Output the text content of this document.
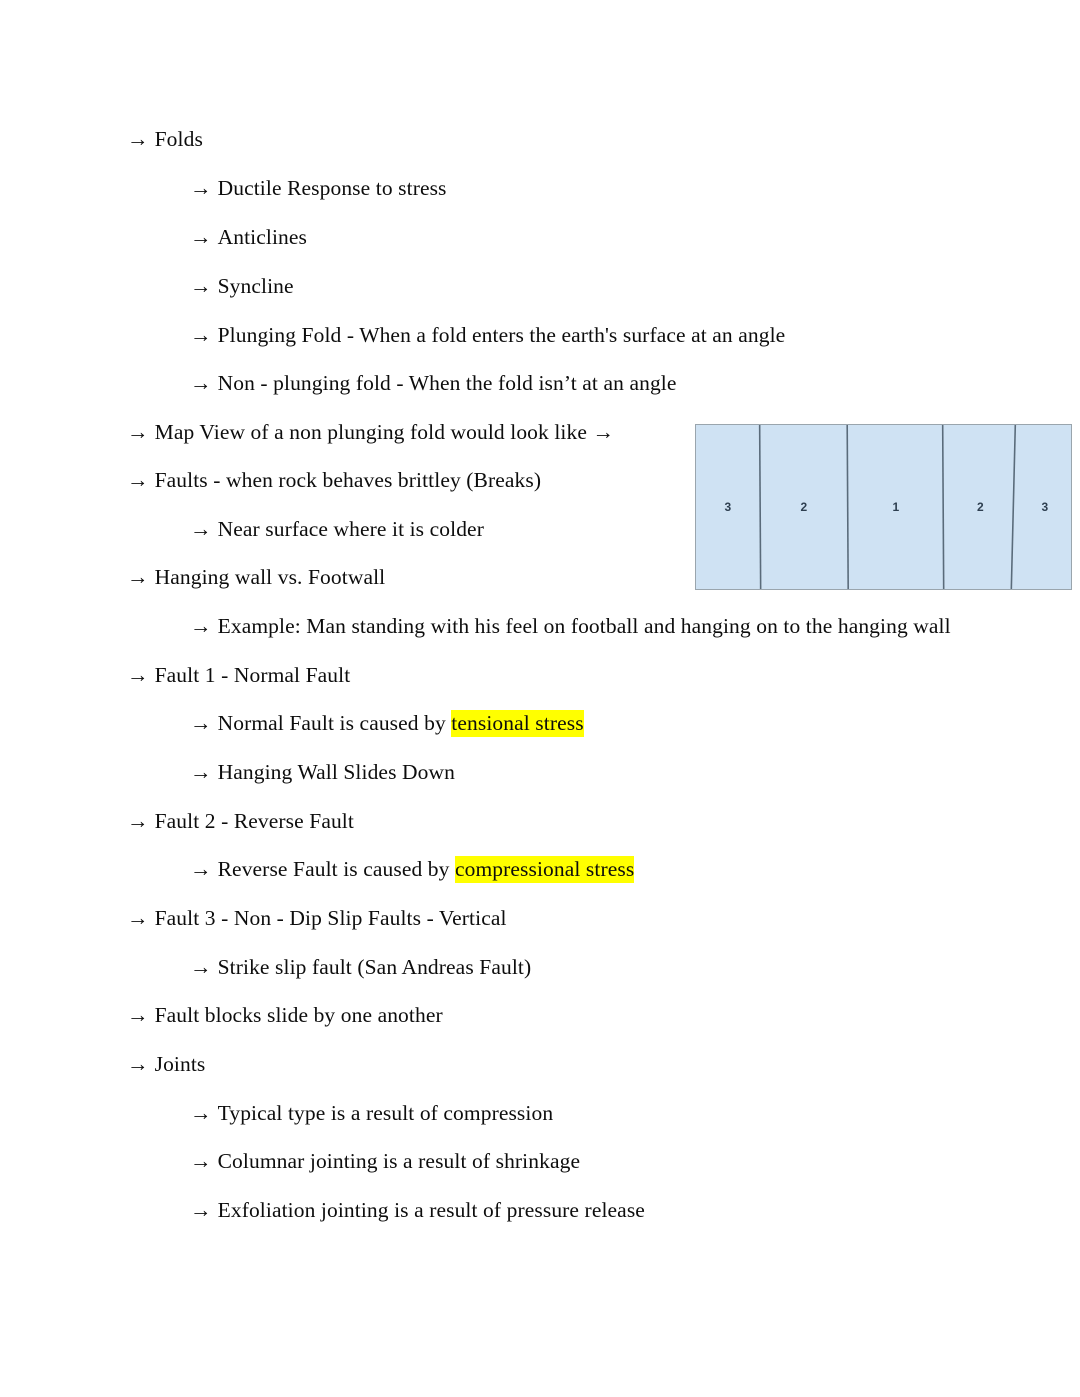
→ Folds
→ Ductile Response to stress
→ Anticlines
→ Syncline
→ Plunging Fold - When a fold enters the earth's surface at an angle
→ Non - plunging fold - When the fold isn’t at an angle
→ Map View of a non plunging fold would look like →
→ Faults - when rock behaves brittley (Breaks)
→ Near surface where it is colder
→ Hanging wall vs. Footwall
→ Example: Man standing with his feel on football and hanging on to the hanging wall
→ Fault 1 - Normal Fault
→ Normal Fault is caused by tensional stress
→ Hanging Wall Slides Down
→ Fault 2 - Reverse Fault
→ Reverse Fault is caused by compressional stress
→ Fault 3 - Non - Dip Slip Faults - Vertical
→ Strike slip fault (San Andreas Fault)
→ Fault blocks slide by one another
→ Joints
→ Typical type is a result of compression
→ Columnar jointing is a result of shrinkage
→ Exfoliation jointing is a result of pressure release
3	2	1	2	3
